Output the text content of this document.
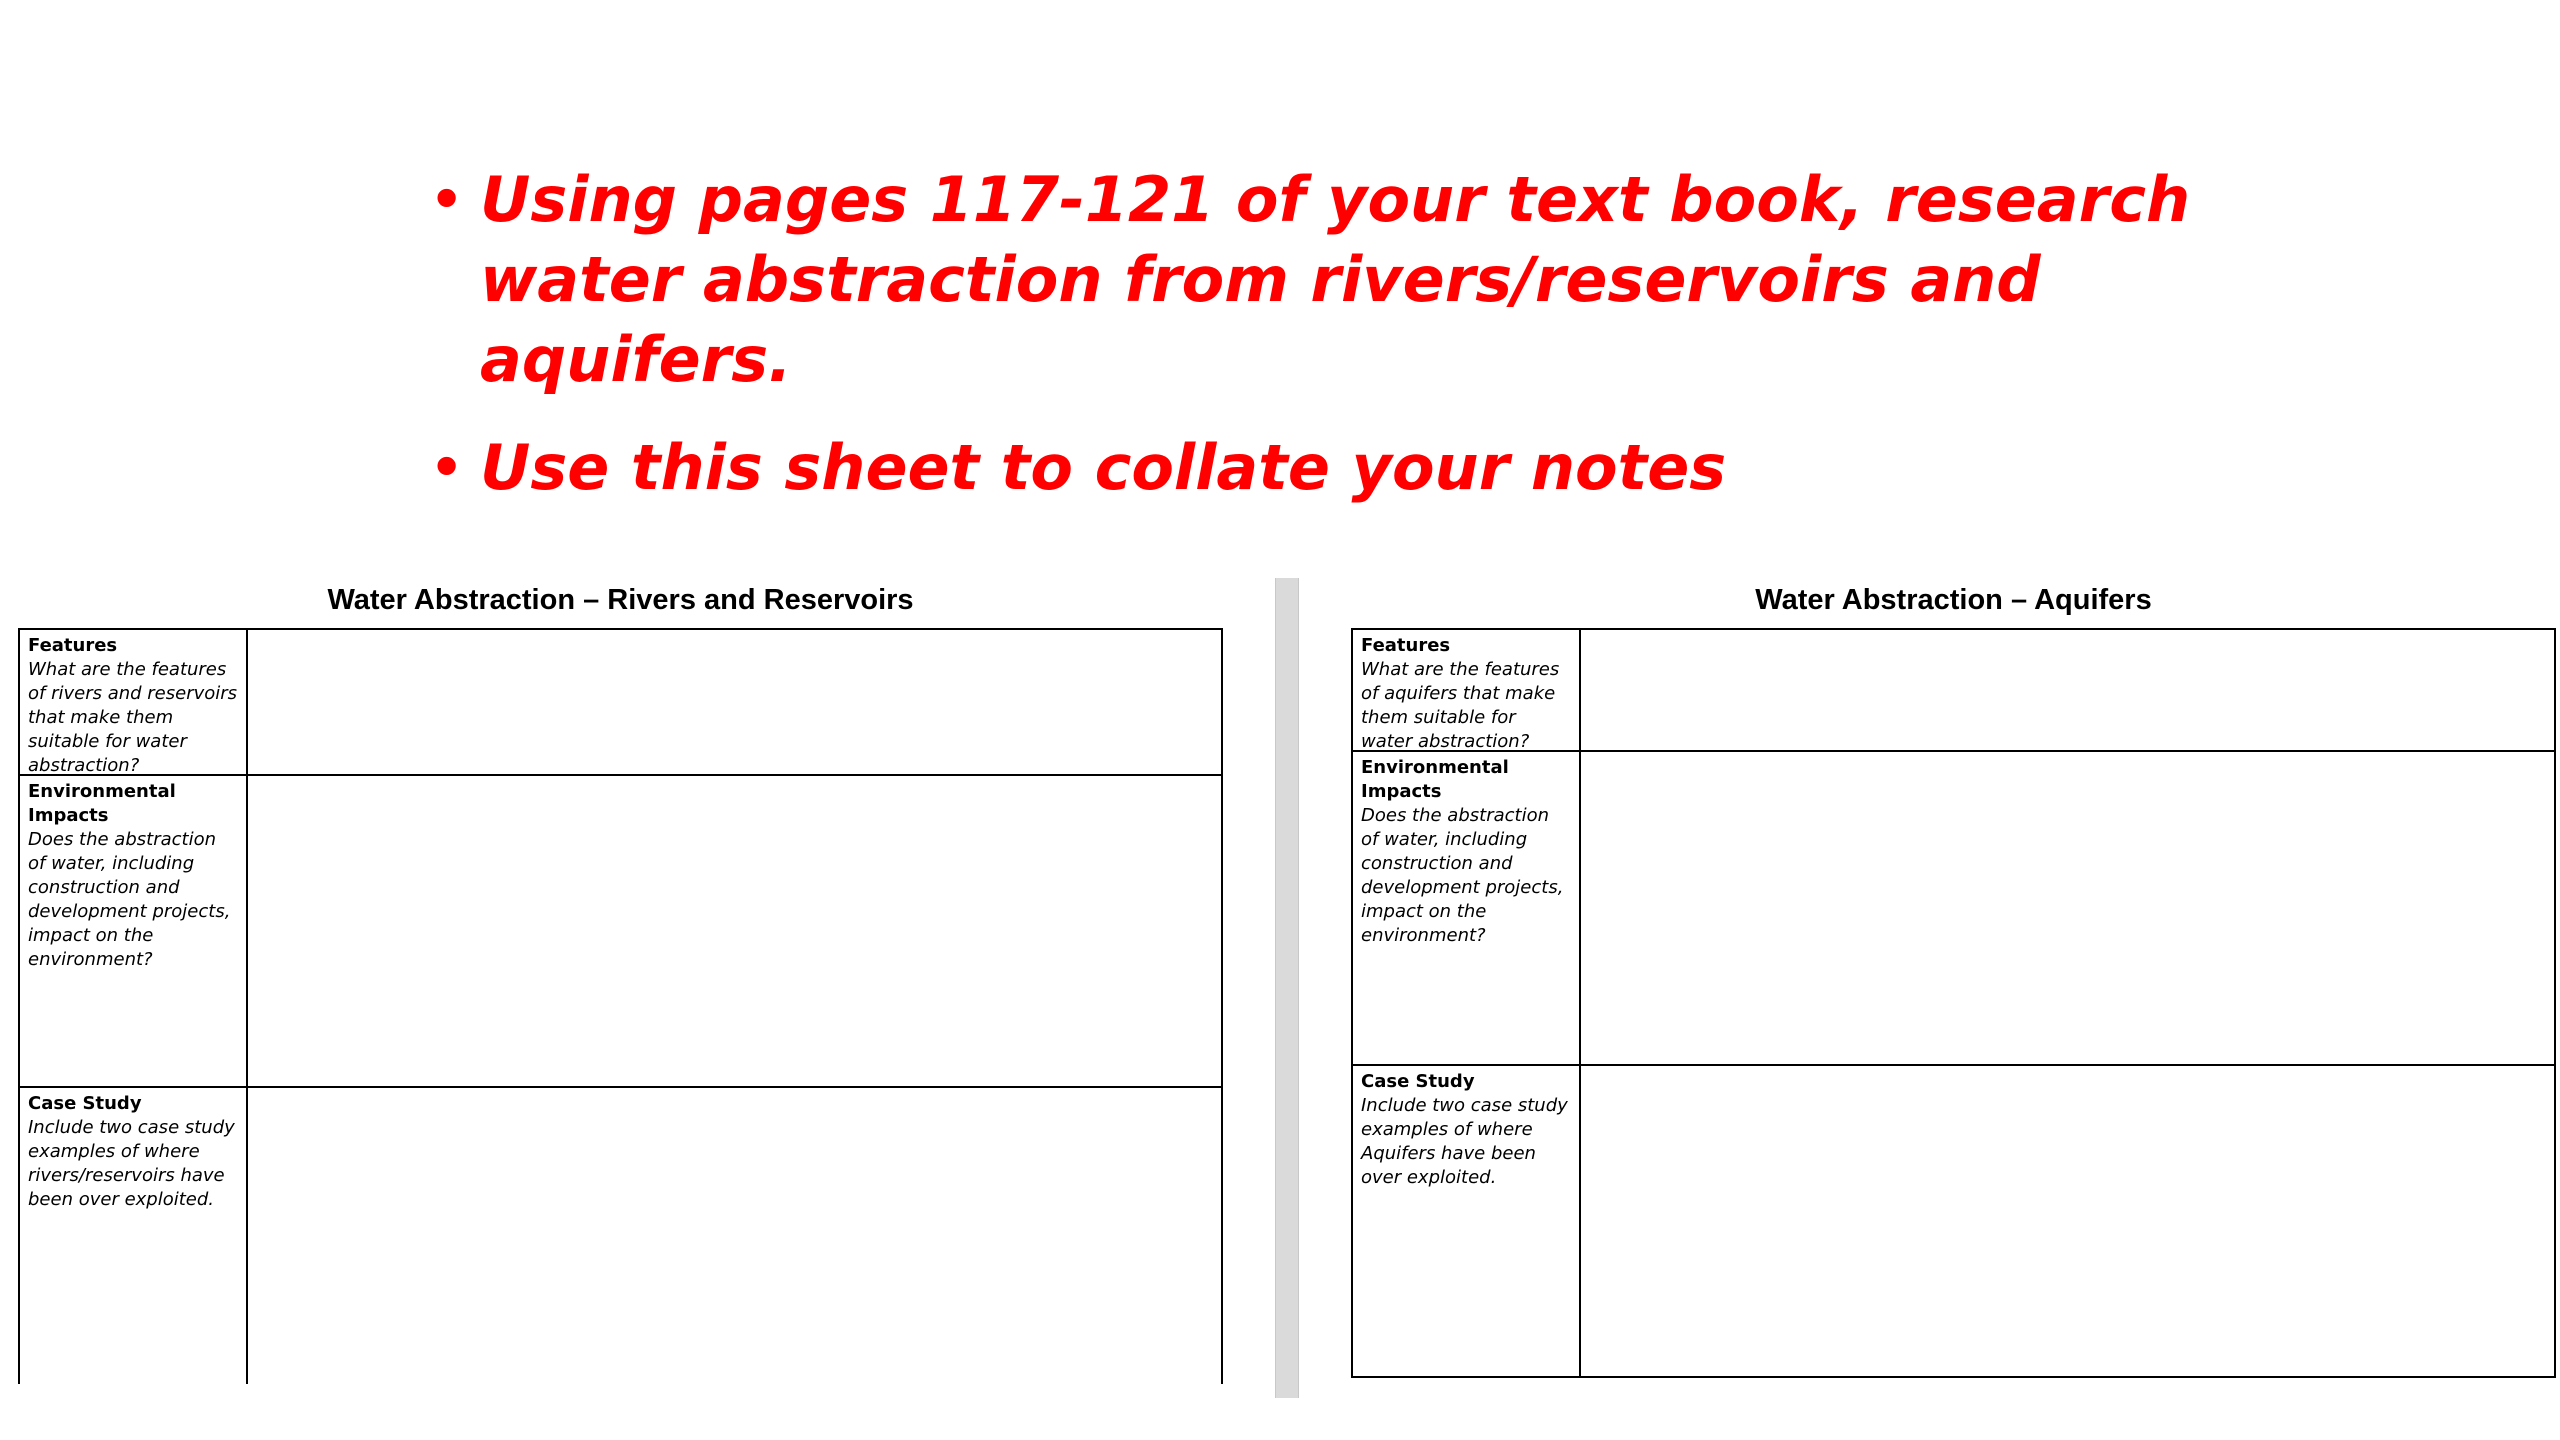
• Using pages 117-121 of your text book, research water abstraction from rivers/reservoirs and aquifers.
• Use this sheet to collate your notes
Water Abstraction – Rivers and Reservoirs
Features
What are the features of rivers and reservoirs that make them suitable for water abstraction?
Environmental Impacts
Does the abstraction of water, including construction and development projects, impact on the environment?
Case Study
Include two case study examples of where rivers/reservoirs have been over exploited.
Water Abstraction – Aquifers
Features
What are the features of aquifers that make them suitable for water abstraction?
Environmental Impacts
Does the abstraction of water, including construction and development projects, impact on the environment?
Case Study
Include two case study examples of where Aquifers have been over exploited.
